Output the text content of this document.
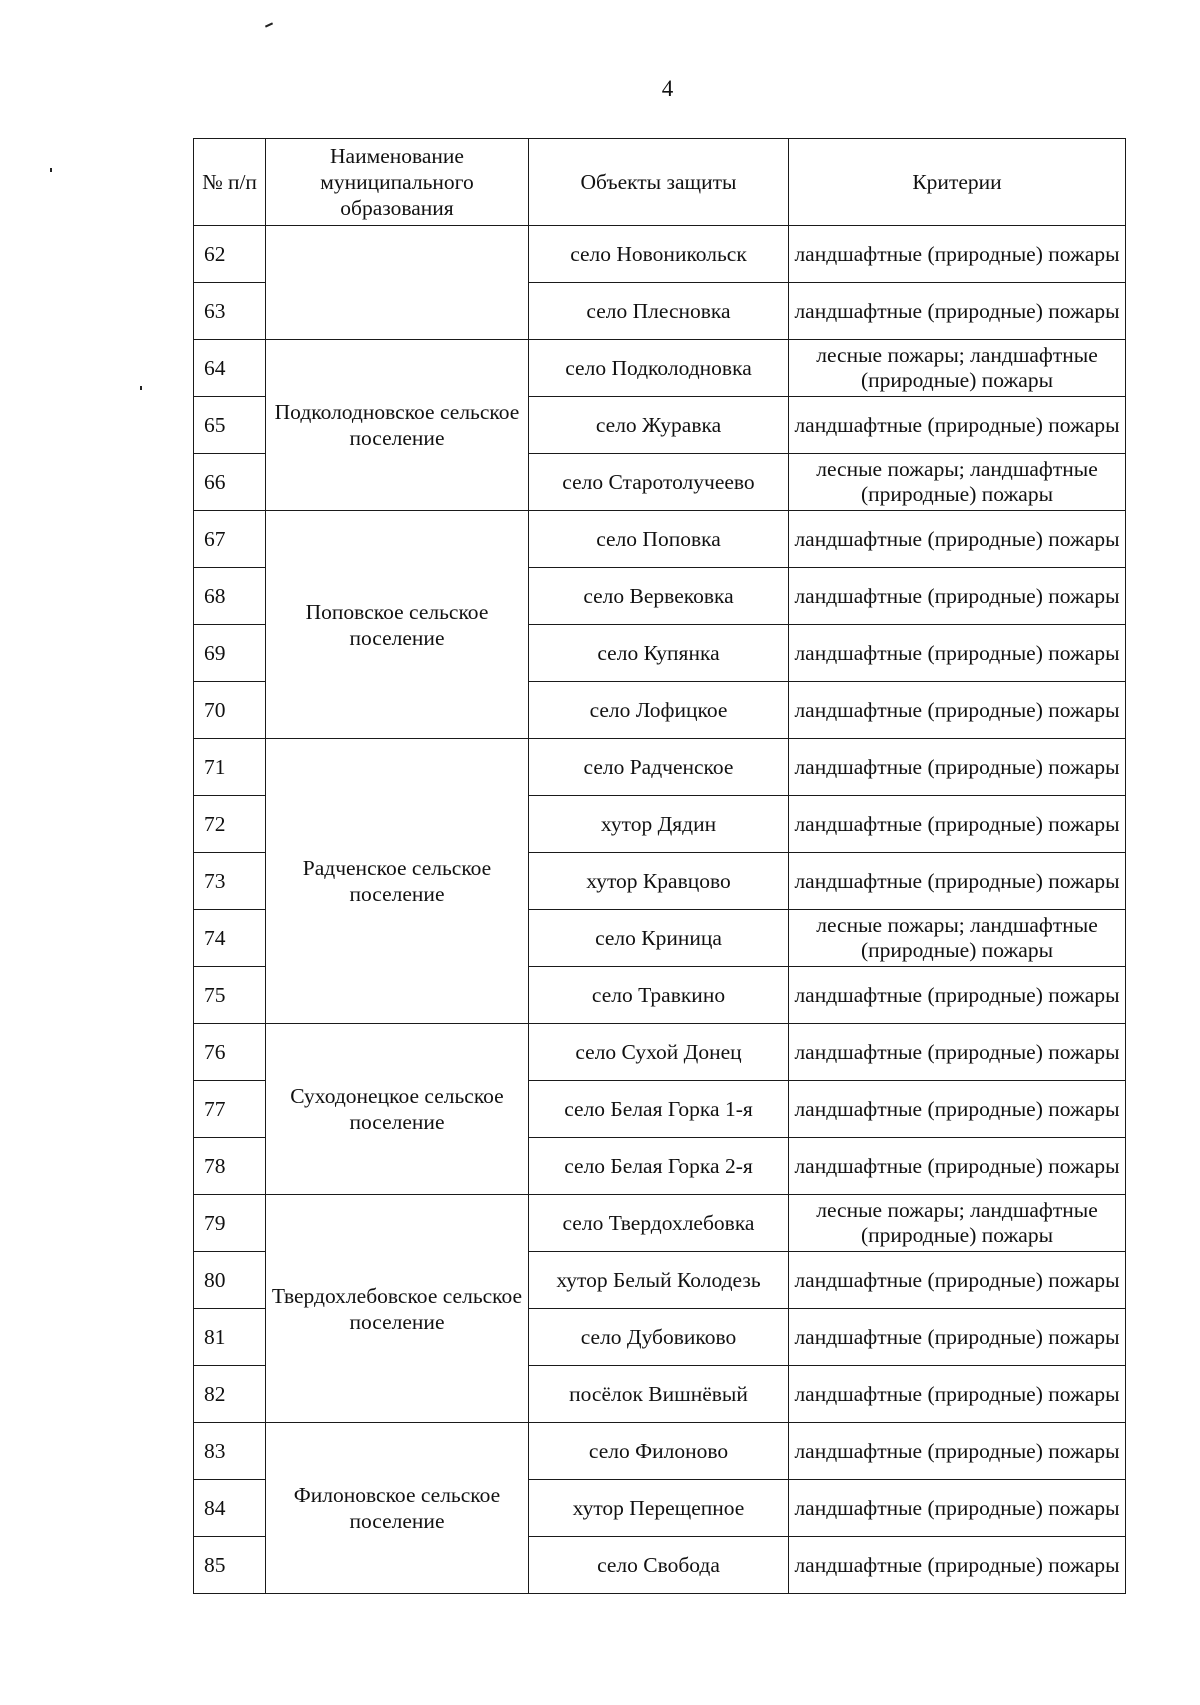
4
№ п/п	Наименование муниципального образования	Объекты защиты	Критерии
62		село Новоникольск	ландшафтные (природные) пожары
63		село Плесновка	ландшафтные (природные) пожары
64	Подколодновское сельское поселение	село Подколодновка	лесные пожары; ландшафтные (природные) пожары
65		село Журавка	ландшафтные (природные) пожары
66		село Старотолучеево	лесные пожары; ландшафтные (природные) пожары
67	Поповское сельское поселение	село Поповка	ландшафтные (природные) пожары
68		село Вервековка	ландшафтные (природные) пожары
69		село Купянка	ландшафтные (природные) пожары
70		село Лофицкое	ландшафтные (природные) пожары
71	Радченское сельское поселение	село Радченское	ландшафтные (природные) пожары
72		хутор Дядин	ландшафтные (природные) пожары
73		хутор Кравцово	ландшафтные (природные) пожары
74		село Криница	лесные пожары; ландшафтные (природные) пожары
75		село Травкино	ландшафтные (природные) пожары
76	Суходонецкое сельское поселение	село Сухой Донец	ландшафтные (природные) пожары
77		село Белая Горка 1-я	ландшафтные (природные) пожары
78		село Белая Горка 2-я	ландшафтные (природные) пожары
79	Твердохлебовское сельское поселение	село Твердохлебовка	лесные пожары; ландшафтные (природные) пожары
80		хутор Белый Колодезь	ландшафтные (природные) пожары
81		село Дубовиково	ландшафтные (природные) пожары
82		посёлок Вишнёвый	ландшафтные (природные) пожары
83	Филоновское сельское поселение	село Филоново	ландшафтные (природные) пожары
84		хутор Перещепное	ландшафтные (природные) пожары
85		село Свобода	ландшафтные (природные) пожары
